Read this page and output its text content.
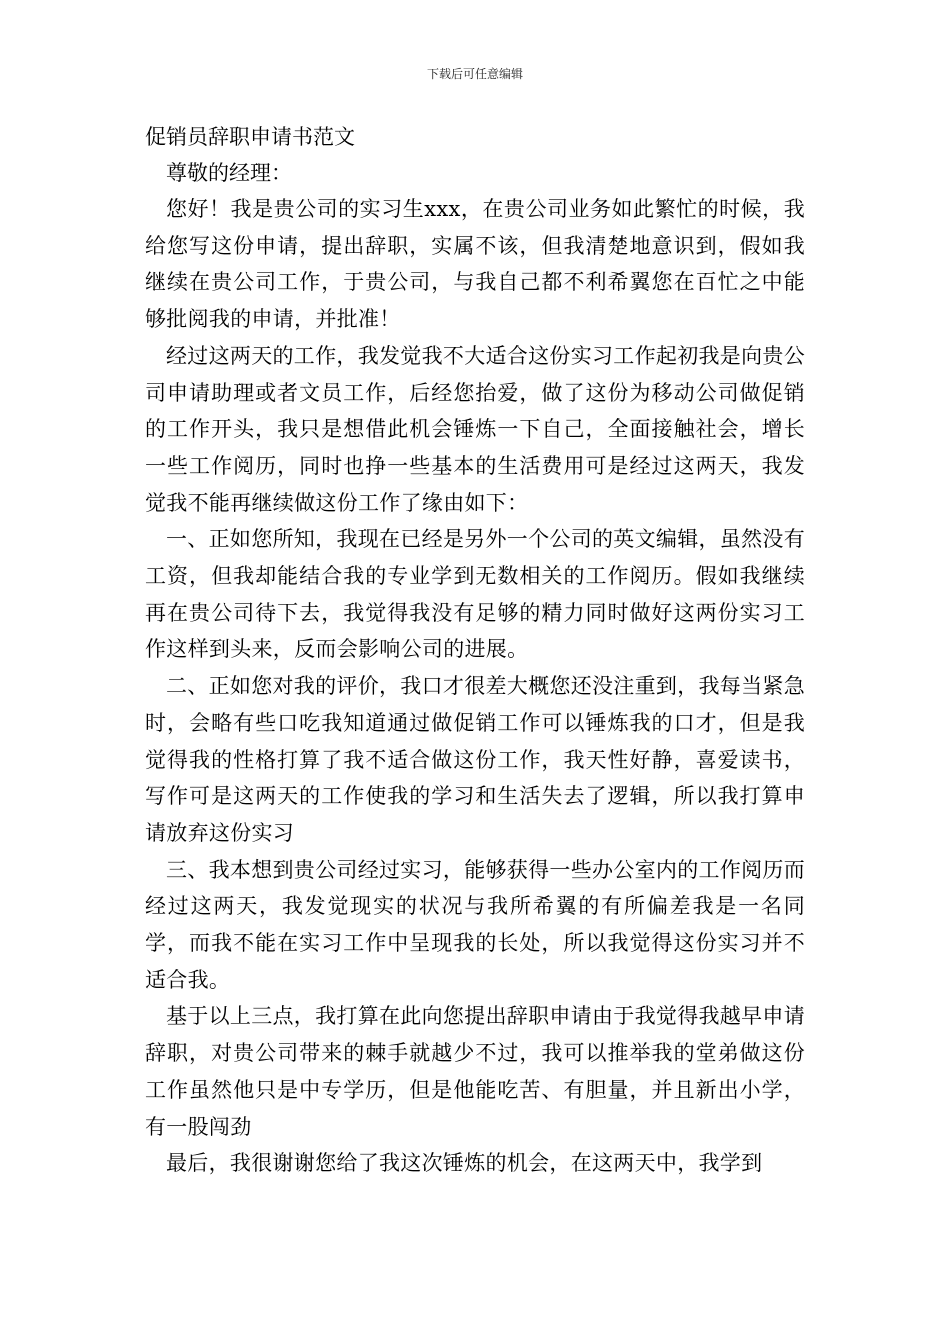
下载后可任意编辑
促销员辞职申请书范文

尊敬的经理：

您好！我是贵公司的实习生xxx，在贵公司业务如此繁忙的时候，我给您写这份申请，提出辞职，实属不该，但我清楚地意识到，假如我继续在贵公司工作，于贵公司，与我自己都不利希翼您在百忙之中能够批阅我的申请，并批准！

经过这两天的工作，我发觉我不大适合这份实习工作起初我是向贵公司申请助理或者文员工作，后经您抬爱，做了这份为移动公司做促销的工作开头，我只是想借此机会锤炼一下自己，全面接触社会，增长一些工作阅历，同时也挣一些基本的生活费用可是经过这两天，我发觉我不能再继续做这份工作了缘由如下：

一、正如您所知，我现在已经是另外一个公司的英文编辑，虽然没有工资，但我却能结合我的专业学到无数相关的工作阅历。假如我继续再在贵公司待下去，我觉得我没有足够的精力同时做好这两份实习工作这样到头来，反而会影响公司的进展。

二、正如您对我的评价，我口才很差大概您还没注重到，我每当紧急时，会略有些口吃我知道通过做促销工作可以锤炼我的口才，但是我觉得我的性格打算了我不适合做这份工作，我天性好静，喜爱读书，写作可是这两天的工作使我的学习和生活失去了逻辑，所以我打算申请放弃这份实习

三、我本想到贵公司经过实习，能够获得一些办公室内的工作阅历而经过这两天，我发觉现实的状况与我所希翼的有所偏差我是一名同学，而我不能在实习工作中呈现我的长处，所以我觉得这份实习并不适合我。

基于以上三点，我打算在此向您提出辞职申请由于我觉得我越早申请辞职，对贵公司带来的棘手就越少不过，我可以推举我的堂弟做这份工作虽然他只是中专学历，但是他能吃苦、有胆量，并且新出小学，有一股闯劲

最后，我很谢谢您给了我这次锤炼的机会，在这两天中，我学到
